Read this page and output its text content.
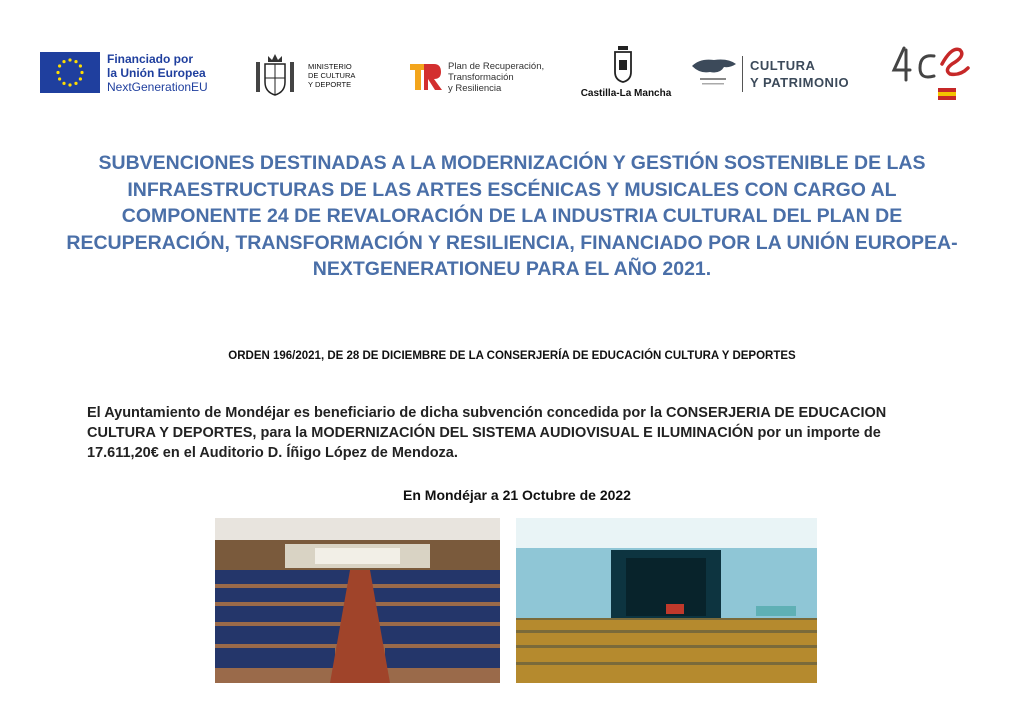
Financiado por
la Unión Europea
NextGenerationEU
MINISTERIO
DE CULTURA
Y DEPORTE
Plan de Recuperación,
Transformación
y Resiliencia	Castilla-La Mancha
CULTURA
Y PATRIMONIO
SUBVENCIONES DESTINADAS A LA MODERNIZACIÓN Y GESTIÓN SOSTENIBLE DE LAS INFRAESTRUCTURAS DE LAS ARTES ESCÉNICAS Y MUSICALES CON CARGO AL COMPONENTE 24 DE REVALORACIÓN DE LA INDUSTRIA CULTURAL DEL PLAN DE RECUPERACIÓN, TRANSFORMACIÓN Y RESILIENCIA, FINANCIADO POR LA UNIÓN EUROPEA-NEXTGENERATIONEU PARA EL AÑO 2021.
ORDEN 196/2021, DE 28 DE DICIEMBRE DE LA CONSERJERÍA DE EDUCACIÓN CULTURA Y DEPORTES
El Ayuntamiento de Mondéjar es beneficiario de dicha subvención concedida por la CONSERJERIA DE EDUCACION CULTURA Y DEPORTES, para la MODERNIZACIÓN DEL SISTEMA AUDIOVISUAL E ILUMINACIÓN por un importe de 17.611,20€ en el Auditorio D. Íñigo López de Mendoza.
En Mondéjar a 21 Octubre de 2022
